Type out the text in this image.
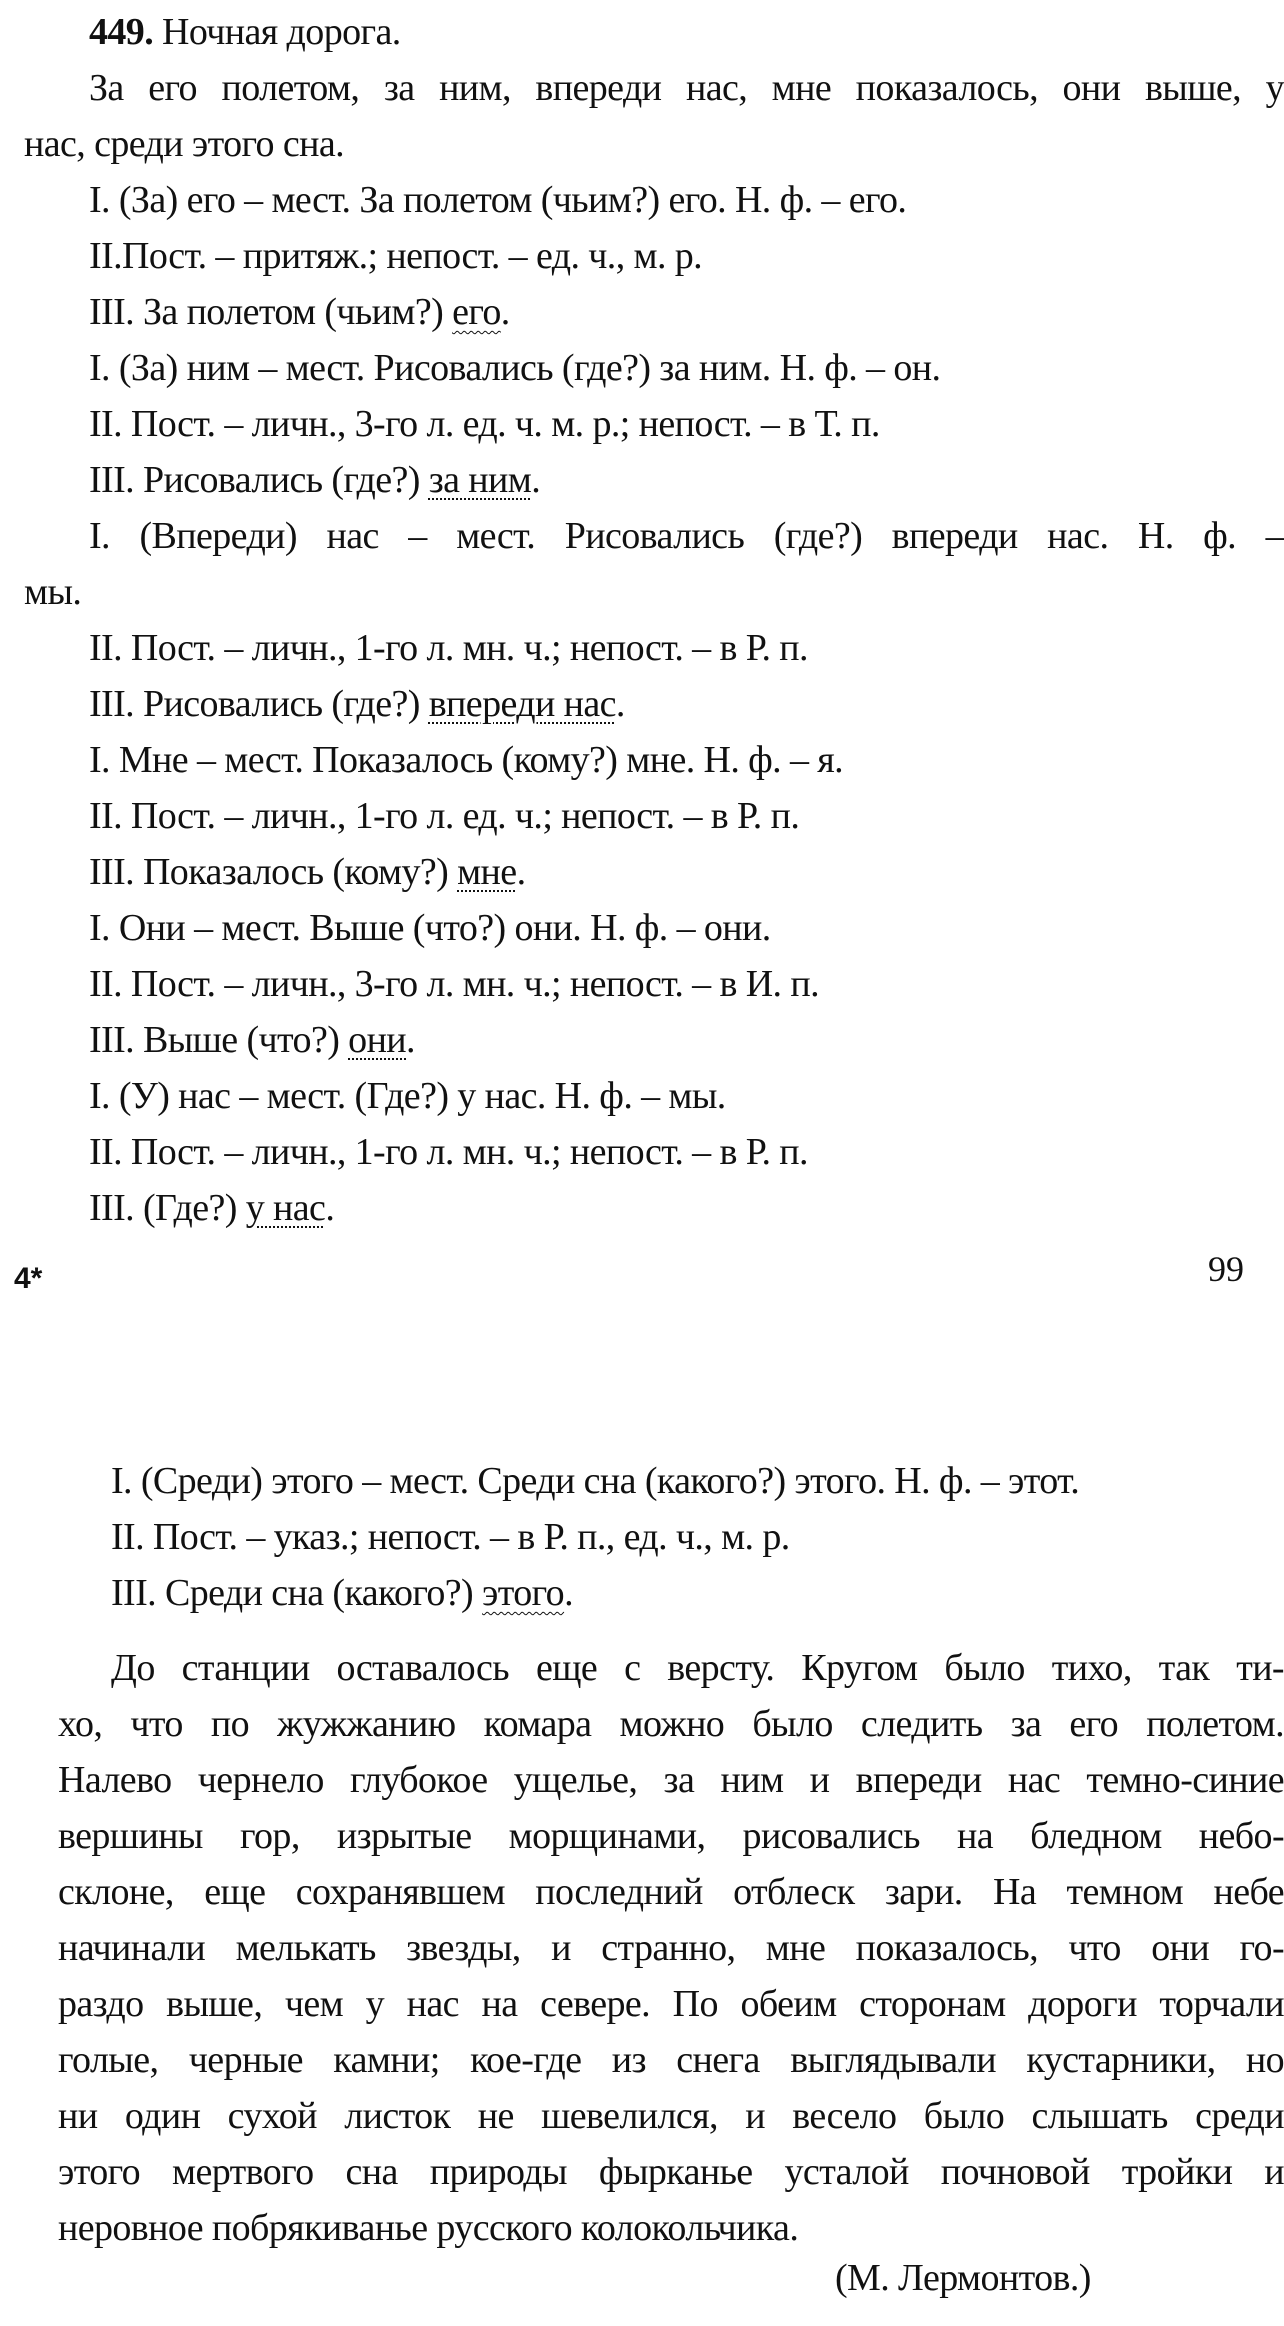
449. Ночная дорога.
За его полетом, за ним, впереди нас, мне показалось, они выше, у
нас, среди этого сна.
I. (За) его – мест. За полетом (чьим?) его. Н. ф. – его.
II.Пост. – притяж.; непост. – ед. ч., м. р.
III. За полетом (чьим?) его.
I. (За) ним – мест. Рисовались (где?) за ним. Н. ф. – он.
II. Пост. – личн., 3-го л. ед. ч. м. р.; непост. – в Т. п.
III. Рисовались (где?) за ним.
I. (Впереди) нас – мест. Рисовались (где?) впереди нас. Н. ф. –
мы.
II. Пост. – личн., 1-го л. мн. ч.; непост. – в Р. п.
III. Рисовались (где?) впереди нас.
I. Мне – мест. Показалось (кому?) мне. Н. ф. – я.
II. Пост. – личн., 1-го л. ед. ч.; непост. – в Р. п.
III. Показалось (кому?) мне.
I. Они – мест. Выше (что?) они. Н. ф. – они.
II. Пост. – личн., 3-го л. мн. ч.; непост. – в И. п.
III. Выше (что?) они.
I. (У) нас – мест. (Где?) у нас. Н. ф. – мы.
II. Пост. – личн., 1-го л. мн. ч.; непост. – в Р. п.
III. (Где?) у нас.
4*	99
I. (Среди) этого – мест. Среди сна (какого?) этого. Н. ф. – этот.
II. Пост. – указ.; непост. – в Р. п., ед. ч., м. р.
III. Среди сна (какого?) этого.
До станции оставалось еще с версту. Кругом было тихо, так ти-
хо, что по жужжанию комара можно было следить за его полетом.
Налево чернело глубокое ущелье, за ним и впереди нас темно-синие
вершины гор, изрытые морщинами, рисовались на бледном небо-
склоне, еще сохранявшем последний отблеск зари. На темном небе
начинали мелькать звезды, и странно, мне показалось, что они го-
раздо выше, чем у нас на севере. По обеим сторонам дороги торчали
голые, черные камни; кое-где из снега выглядывали кустарники, но
ни один сухой листок не шевелился, и весело было слышать среди
этого мертвого сна природы фырканье усталой почновой тройки и
неровное побрякиванье русского колокольчика.
(М. Лермонтов.)
